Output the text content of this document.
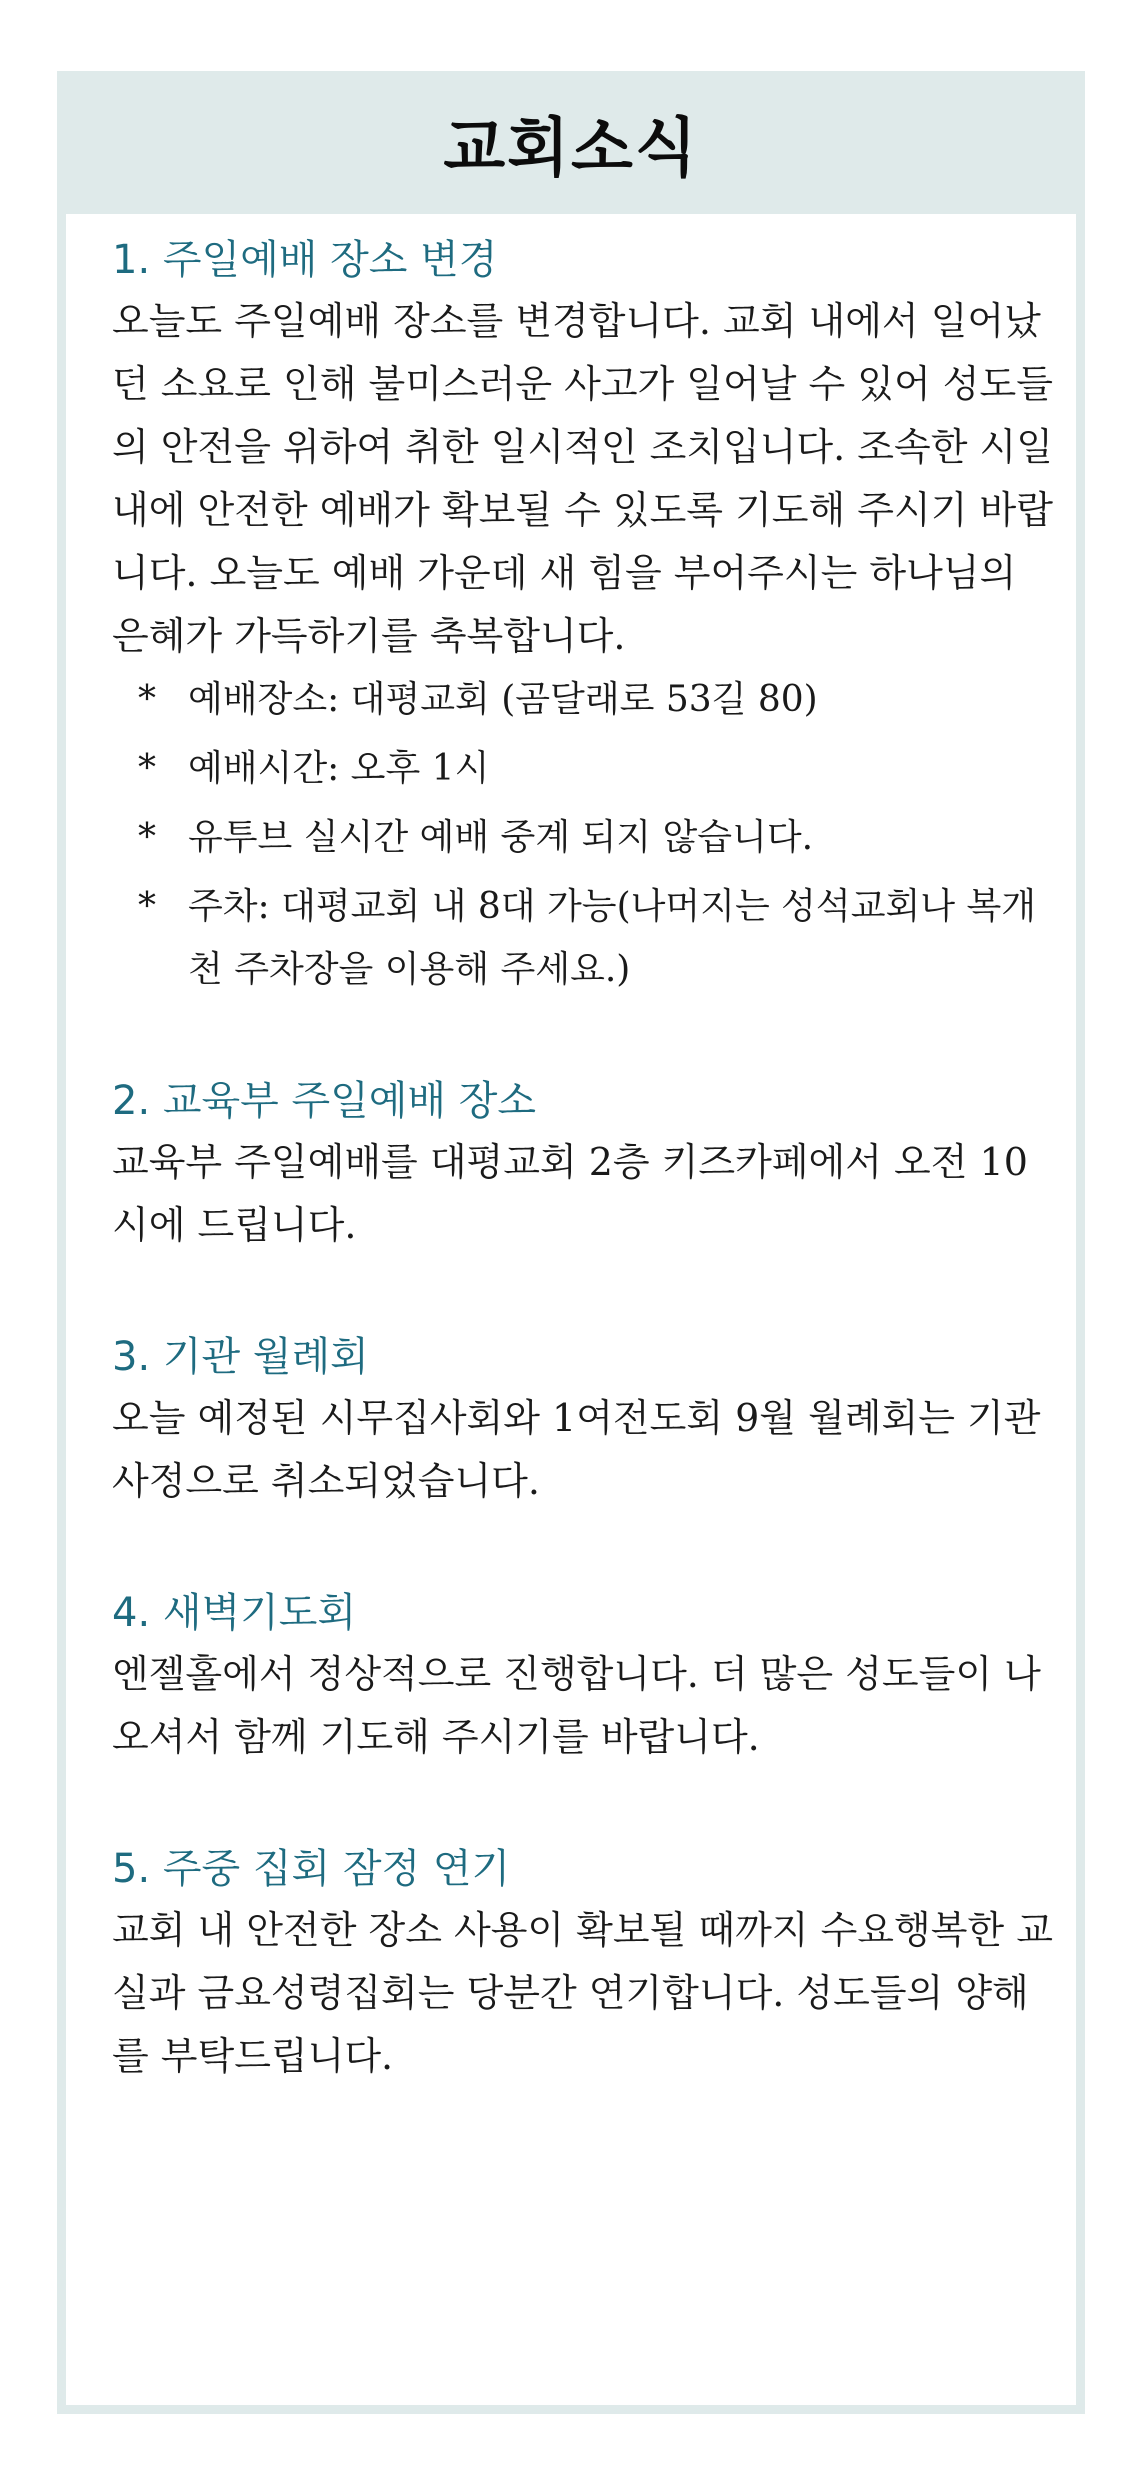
교회소식
1. 주일예배 장소 변경

오늘도 주일예배 장소를 변경합니다. 교회 내에서 일어났던 소요로 인해 불미스러운 사고가 일어날 수 있어 성도들의 안전을 위하여 취한 일시적인 조치입니다. 조속한 시일 내에 안전한 예배가 확보될 수 있도록 기도해 주시기 바랍니다. 오늘도 예배 가운데 새 힘을 부어주시는 하나님의 은혜가 가득하기를 축복합니다.

* 예배장소: 대평교회 (곰달래로 53길 80)
* 예배시간: 오후 1시
* 유투브 실시간 예배 중계 되지 않습니다.
* 주차: 대평교회 내 8대 가능(나머지는 성석교회나 복개천 주차장을 이용해 주세요.)
2. 교육부 주일예배 장소

교육부 주일예배를 대평교회 2층 키즈카페에서 오전 10시에 드립니다.

3. 기관 월례회

오늘 예정된 시무집사회와 1여전도회 9월 월례회는 기관 사정으로 취소되었습니다.

4. 새벽기도회

엔젤홀에서 정상적으로 진행합니다. 더 많은 성도들이 나오셔서 함께 기도해 주시기를 바랍니다.

5. 주중 집회 잠정 연기

교회 내 안전한 장소 사용이 확보될 때까지 수요행복한 교실과 금요성령집회는 당분간 연기합니다. 성도들의 양해를 부탁드립니다.
